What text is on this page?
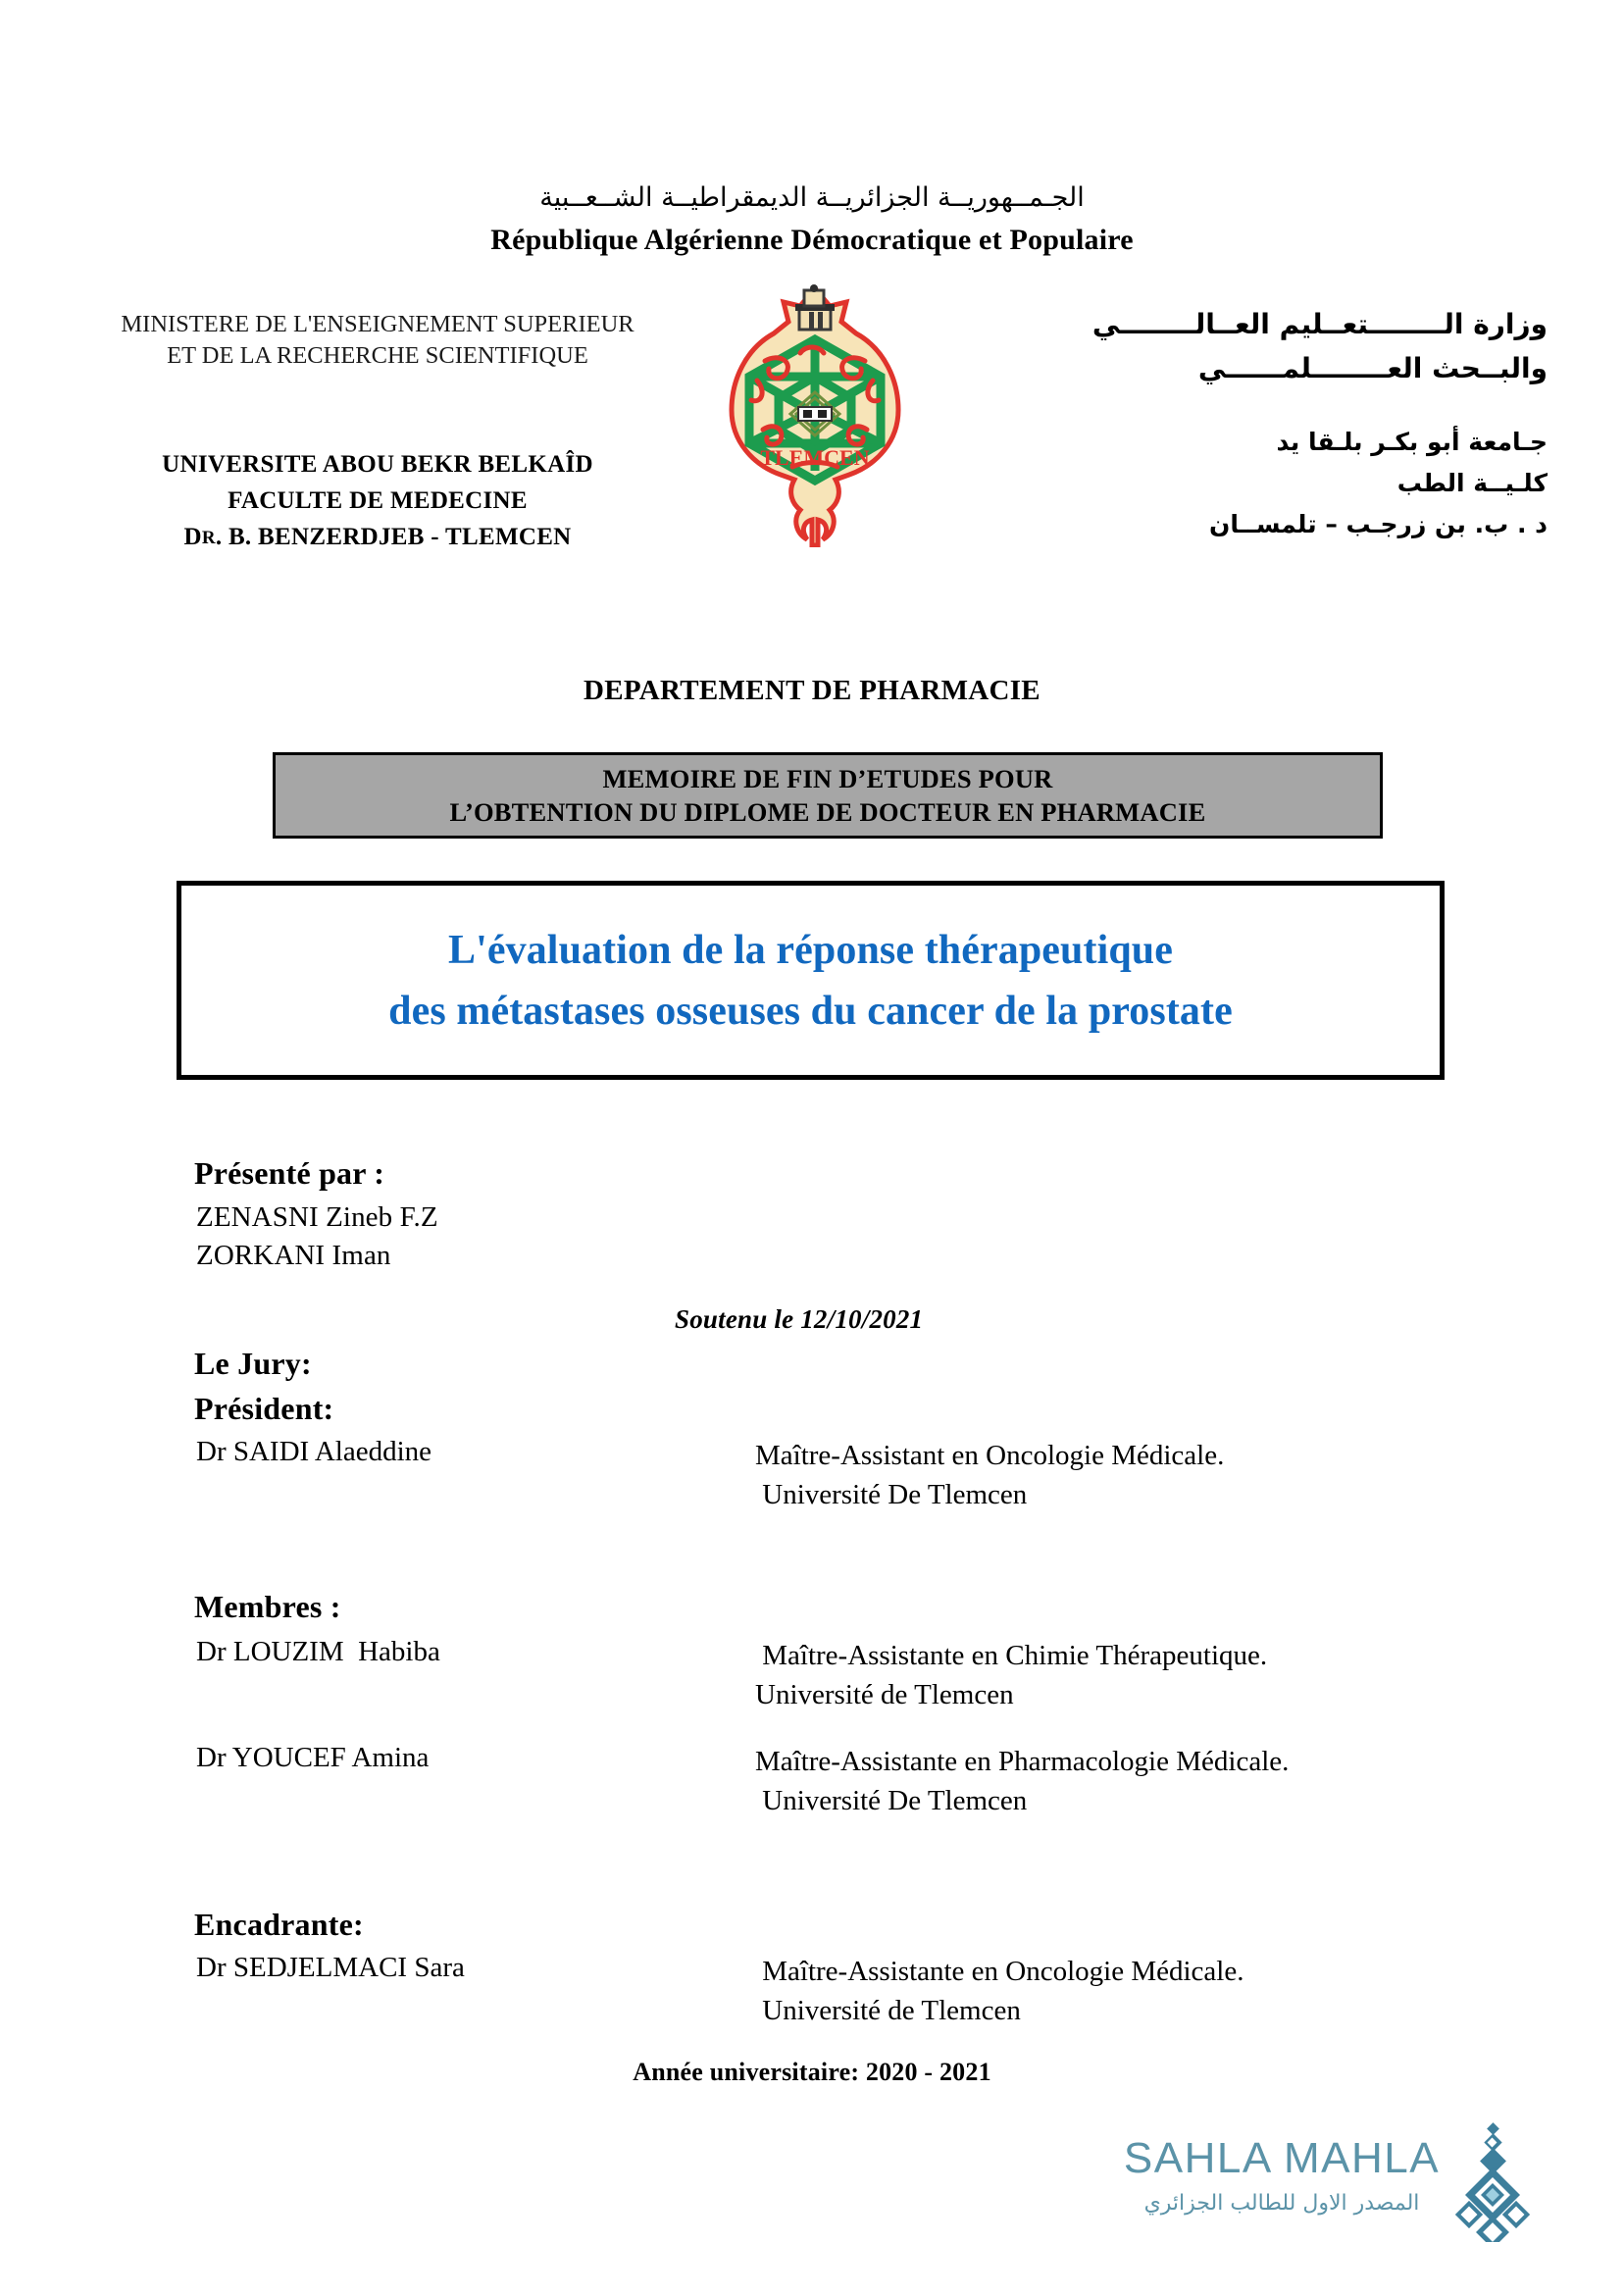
الجـمــهوريــة الجزائريــة الديمقراطيــة الشــعــبية
République Algérienne Démocratique et Populaire
MINISTERE DE L'ENSEIGNEMENT SUPERIEUR
ET DE LA RECHERCHE SCIENTIFIQUE
UNIVERSITE ABOU BEKR BELKAÎD
FACULTE DE MEDECINE
DR. B. BENZERDJEB - TLEMCEN
TLEMCEN
وزارة الــــــــتعــليم العــالــــــــي
والبــحث العــــــــلمــــــي
جـامعة أبو بكـر بلـقا يد
كلـيــة الطب
د . ب. بن زرجـب – تلمســان
DEPARTEMENT DE PHARMACIE
MEMOIRE DE FIN D’ETUDES POUR
L’OBTENTION DU DIPLOME DE DOCTEUR EN PHARMACIE
L'évaluation de la réponse thérapeutique
des métastases osseuses du cancer de la prostate
Présenté par :
ZENASNI Zineb F.Z
ZORKANI Iman
Soutenu le 12/10/2021
Le Jury:
Président:
Dr SAIDI Alaeddine	Maître-Assistant en Oncologie Médicale.
Université De Tlemcen
Membres :
Dr LOUZIM  Habiba	Maître-Assistante en Chimie Thérapeutique.
Université de Tlemcen
Dr YOUCEF Amina	Maître-Assistante en Pharmacologie Médicale.
Université De Tlemcen
Encadrante:
Dr SEDJELMACI Sara	Maître-Assistante en Oncologie Médicale.
Université de Tlemcen
Année universitaire: 2020 - 2021
SAHLA MAHLA
المصدر الاول للطالب الجزائري
